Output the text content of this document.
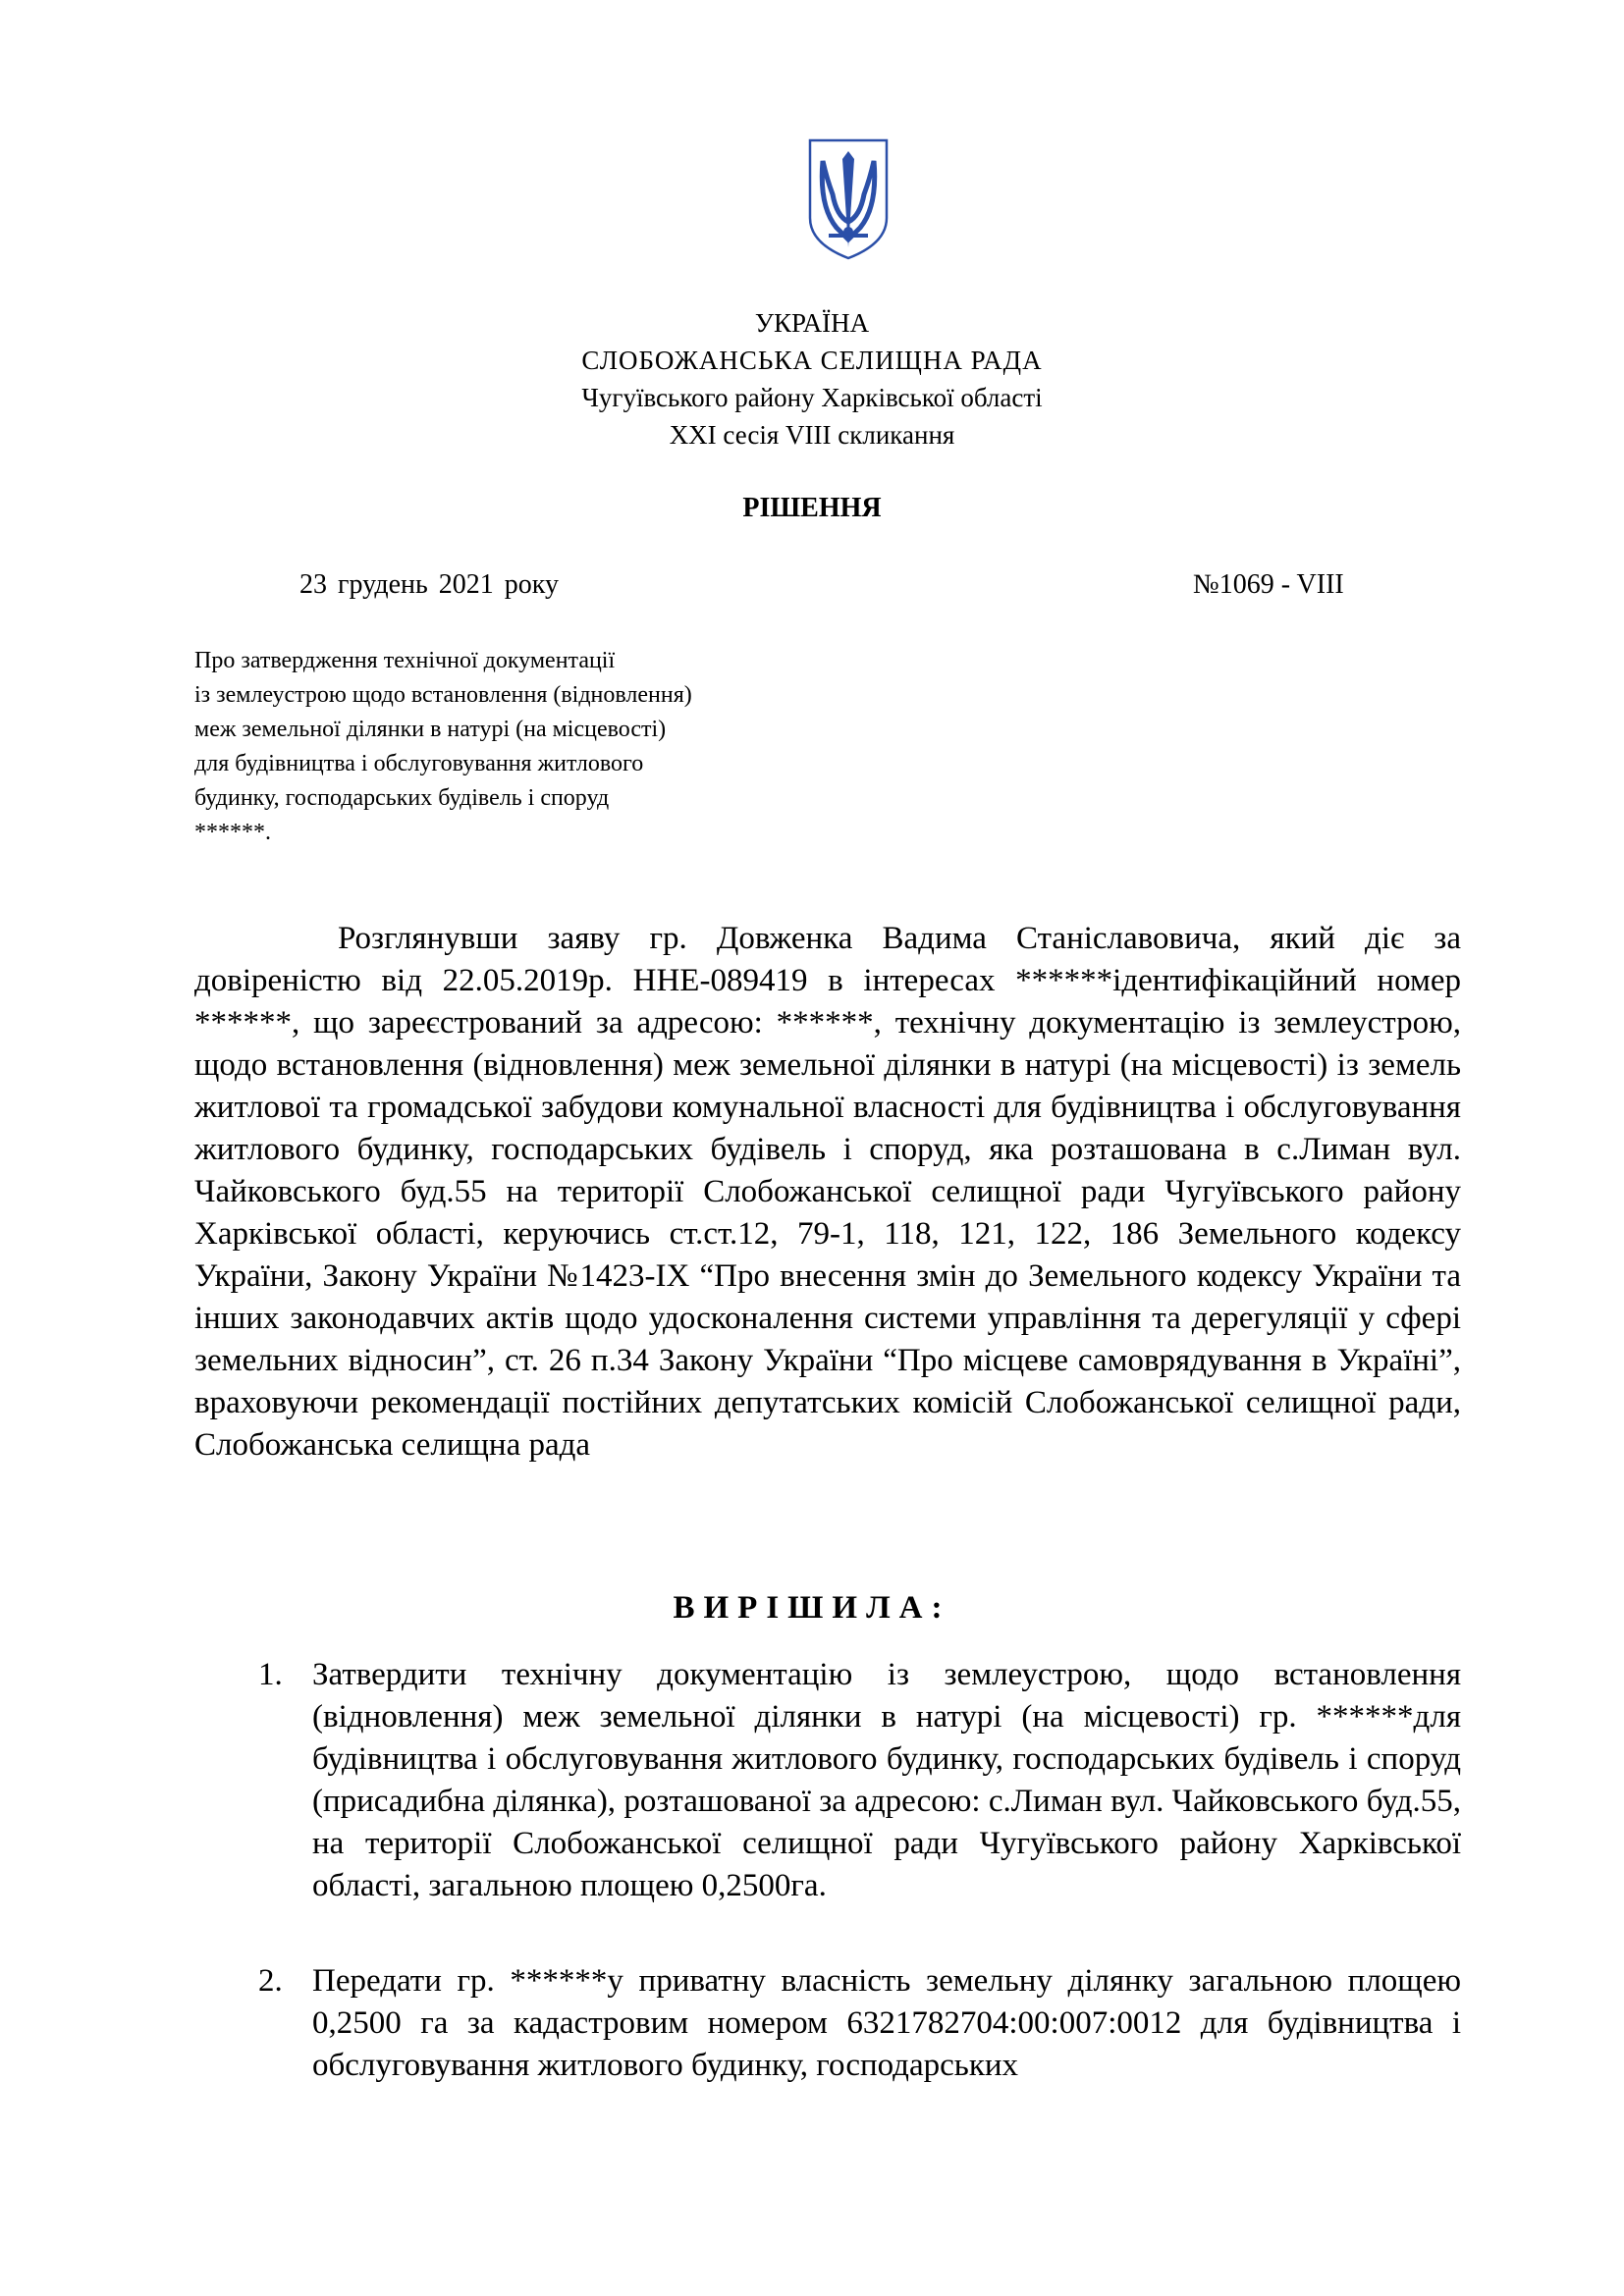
УКРАЇНА
СЛОБОЖАНСЬКА СЕЛИЩНА РАДА
Чугуївського району Харківської області
XXI сесія VIII скликання
РІШЕННЯ
23 грудень 2021 року	№1069 - VIII
Про затвердження технічної документації
із землеустрою щодо встановлення (відновлення)
меж земельної ділянки в натурі (на місцевості)
для будівництва і обслуговування житлового
будинку, господарських будівель і споруд
******.

Розглянувши заяву гр. Довженка Вадима Станіславовича, який діє за довіреністю від 22.05.2019р. ННЕ-089419 в інтересах ******ідентифікаційний номер ******, що зареєстрований за адресою: ******, технічну документацію із землеустрою, щодо встановлення (відновлення) меж земельної ділянки в натурі (на місцевості) із земель житлової та громадської забудови комунальної власності для будівництва і обслуговування житлового будинку, господарських будівель і споруд, яка розташована в с.Лиман вул. Чайковського буд.55 на території Слобожанської селищної ради Чугуївського району Харківської області, керуючись ст.ст.12, 79-1, 118, 121, 122, 186 Земельного кодексу України, Закону України №1423-IX “Про внесення змін до Земельного кодексу України та інших законодавчих актів щодо удосконалення системи управління та дерегуляції у сфері земельних відносин”, ст. 26 п.34 Закону України “Про місцеве самоврядування в Україні”, враховуючи рекомендації постійних депутатських комісій Слобожанської селищної ради, Слобожанська селищна рада

ВИРІШИЛА:
1. Затвердити технічну документацію із землеустрою, щодо встановлення (відновлення) меж земельної ділянки в натурі (на місцевості) гр. ******для будівництва і обслуговування житлового будинку, господарських будівель і споруд (присадибна ділянка), розташованої за адресою: с.Лиман вул. Чайковського буд.55, на території Слобожанської селищної ради Чугуївського району Харківської області, загальною площею 0,2500га.

2. Передати гр. ******у приватну власність земельну ділянку загальною площею 0,2500 га за кадастровим номером 6321782704:00:007:0012 для будівництва і обслуговування житлового будинку, господарських
